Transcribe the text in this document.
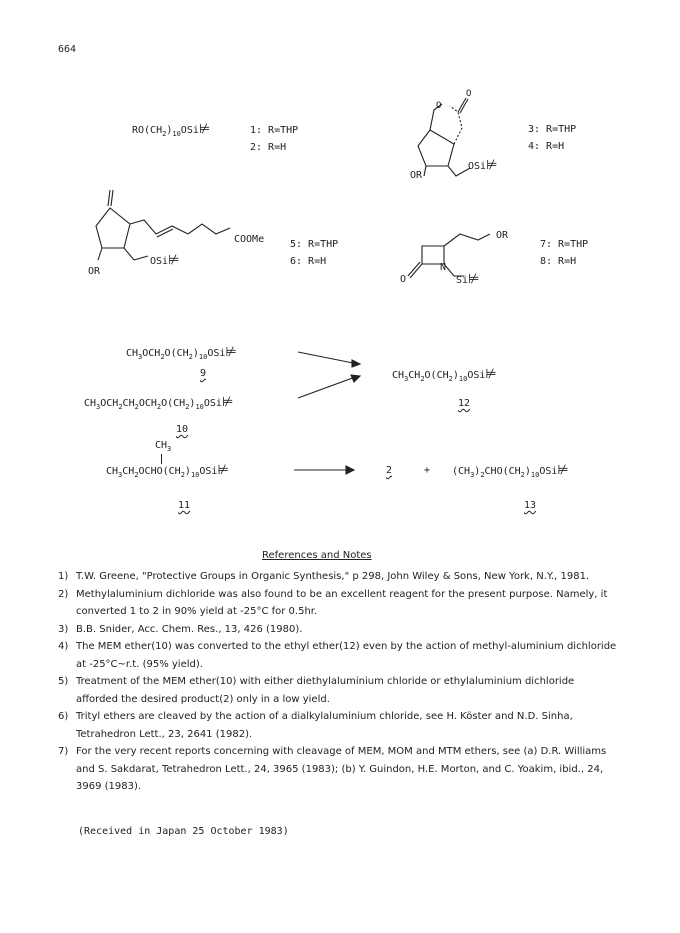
664
$RO(CH_2)_{10}OSi⊭$	1: R=THP
2: R=H
O
O
OSi⊭
OR
3: R=THP
4: R=H
COOMe
OSi⊭
OR
5: R=THP
6: R=H
OR
N
O	Si⊭
7: R=THP
8: R=H
$CH_3OCH_2O(CH_2)_{10}OSi⊭$
9
$CH_3OCH_2CH_2OCH_2O(CH_2)_{10}OSi⊭$
10
$CH_3CH_2O(CH_2)_{10}OSi⊭$
12
$CH_3$
$CH_3CH_2OCHO(CH_2)_{10}OSi⊭$
11
2	+ $(CH_3)_2CHO(CH_2)_{10}OSi⊭$
13
References and Notes
1) T.W. Greene, "Protective Groups in Organic Synthesis," p 298, John Wiley & Sons, New York, N.Y., 1981.
2) Methylaluminium dichloride was also found to be an excellent reagent for the present purpose. Namely, it converted 1 to 2 in 90% yield at -25°C for 0.5hr.
3) B.B. Snider, Acc. Chem. Res., 13, 426 (1980).
4) The MEM ether(10) was converted to the ethyl ether(12) even by the action of methyl-aluminium dichloride at -25°C~r.t. (95% yield).
5) Treatment of the MEM ether(10) with either diethylaluminium chloride or ethylaluminium dichloride afforded the desired product(2) only in a low yield.
6) Trityl ethers are cleaved by the action of a dialkylaluminium chloride, see H. Köster and N.D. Sinha, Tetrahedron Lett., 23, 2641 (1982).
7) For the very recent reports concerning with cleavage of MEM, MOM and MTM ethers, see (a) D.R. Williams and S. Sakdarat, Tetrahedron Lett., 24, 3965 (1983); (b) Y. Guindon, H.E. Morton, and C. Yoakim, ibid., 24, 3969 (1983).
(Received in Japan 25 October 1983)
